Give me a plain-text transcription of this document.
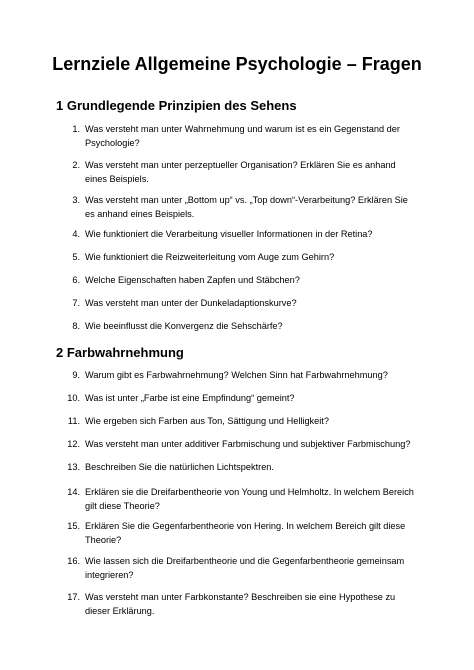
Lernziele Allgemeine Psychologie – Fragen
1 Grundlegende Prinzipien des Sehens
1. Was versteht man unter Wahrnehmung und warum ist es ein Gegenstand der Psychologie?
2. Was versteht man unter perzeptueller Organisation? Erklären Sie es anhand eines Beispiels.
3. Was versteht man unter „Bottom up“ vs. „Top down“-Verarbeitung? Erklären Sie es anhand eines Beispiels.
4. Wie funktioniert die Verarbeitung visueller Informationen in der Retina?
5. Wie funktioniert die Reizweiterleitung vom Auge zum Gehirn?
6. Welche Eigenschaften haben Zapfen und Stäbchen?
7. Was versteht man unter der Dunkeladaptionskurve?
8. Wie beeinflusst die Konvergenz die Sehschärfe?
2 Farbwahrnehmung
9. Warum gibt es Farbwahrnehmung? Welchen Sinn hat Farbwahrnehmung?
10. Was ist unter „Farbe ist eine Empfindung“ gemeint?
11. Wie ergeben sich Farben aus Ton, Sättigung und Helligkeit?
12. Was versteht man unter additiver Farbmischung und subjektiver Farbmischung?
13. Beschreiben Sie die natürlichen Lichtspektren.
14. Erklären sie die Dreifarbentheorie von Young und Helmholtz. In welchem Bereich gilt diese Theorie?
15. Erklären Sie die Gegenfarbentheorie von Hering. In welchem Bereich gilt diese Theorie?
16. Wie lassen sich die Dreifarbentheorie und die Gegenfarbentheorie gemeinsam integrieren?
17. Was versteht man unter Farbkonstante? Beschreiben sie eine Hypothese zu dieser Erklärung.
